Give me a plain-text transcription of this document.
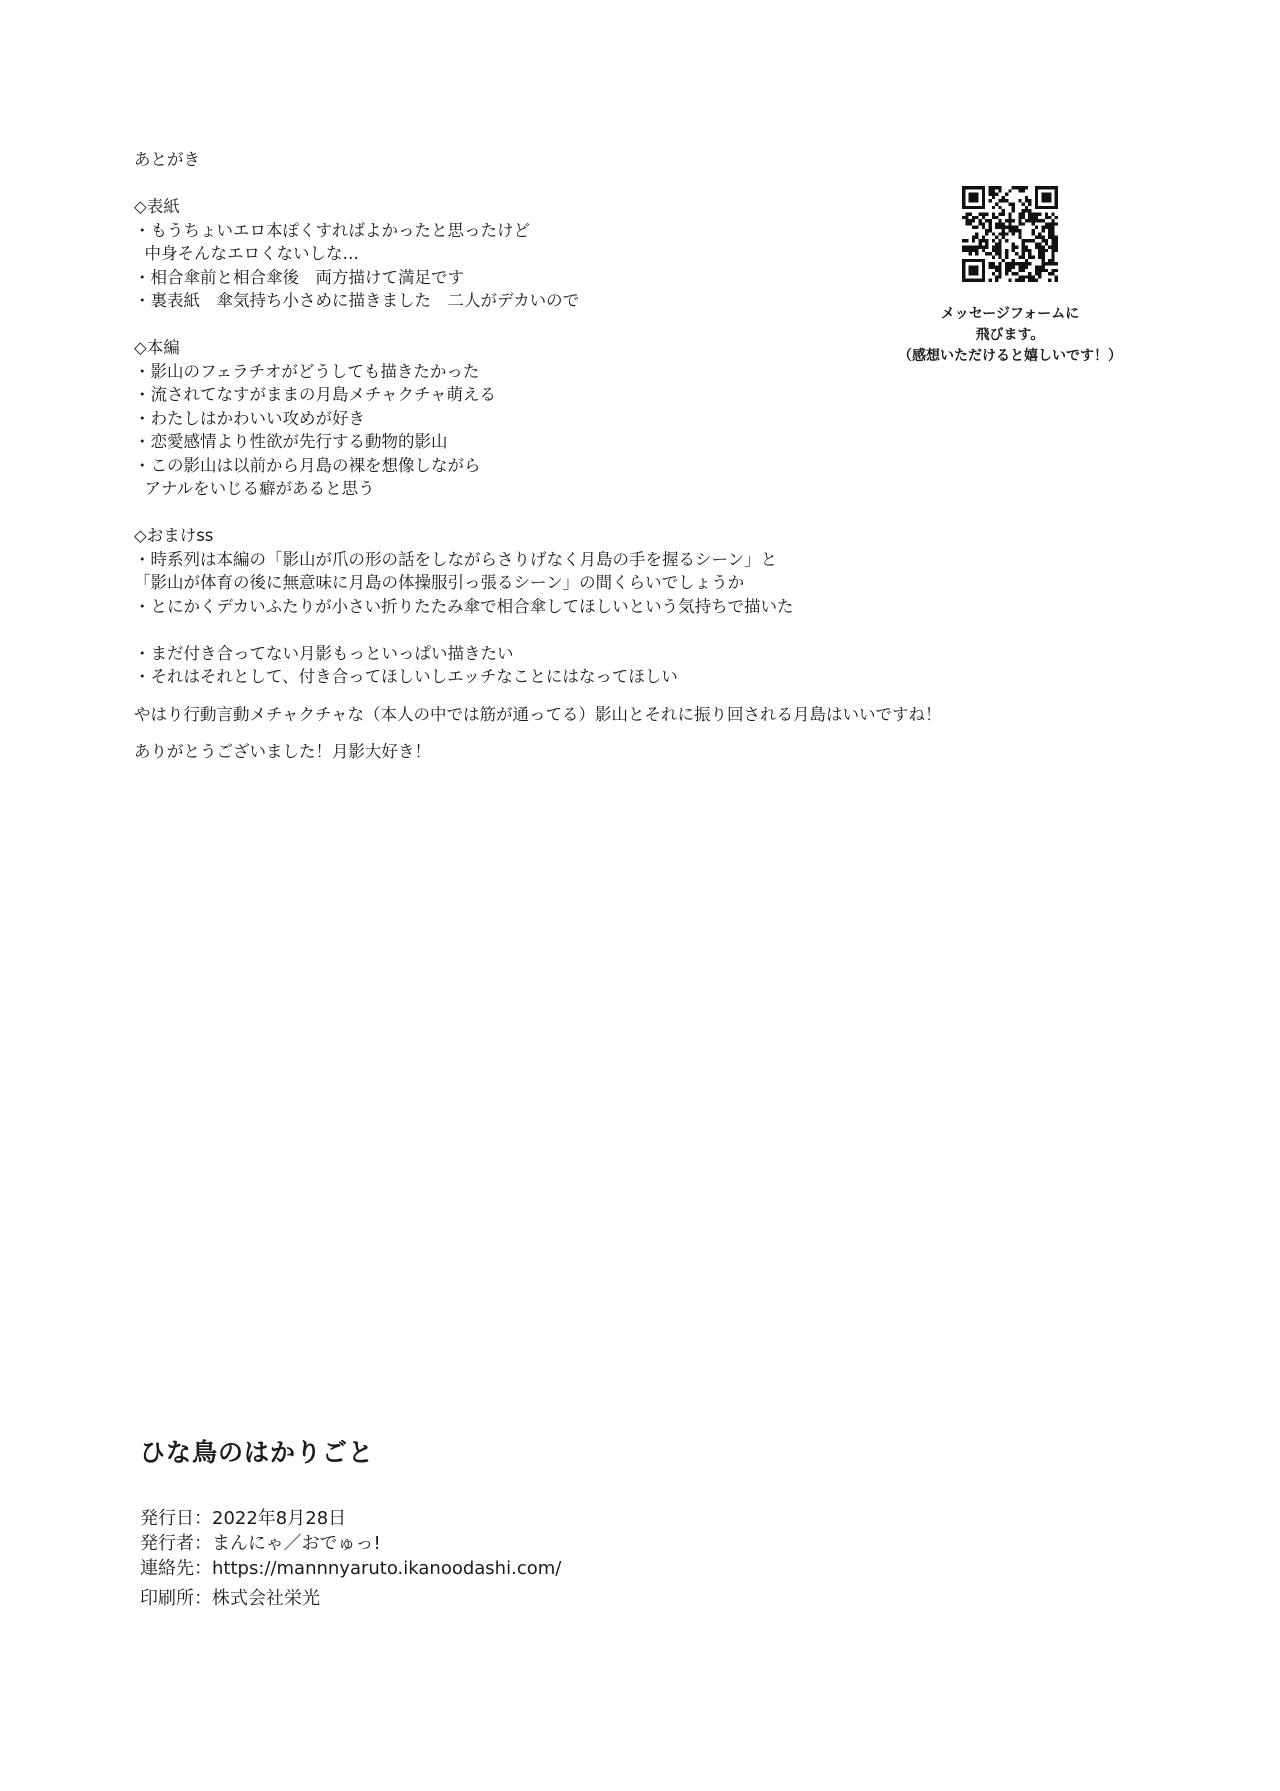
あとがき
◇表紙
・もうちょいエロ本ぽくすればよかったと思ったけど
中身そんなエロくないしな…
・相合傘前と相合傘後　両方描けて満足です
・裏表紙　傘気持ち小さめに描きました　二人がデカいので
◇本編
・影山のフェラチオがどうしても描きたかった
・流されてなすがままの月島メチャクチャ萌える
・わたしはかわいい攻めが好き
・恋愛感情より性欲が先行する動物的影山
・この影山は以前から月島の裸を想像しながら
アナルをいじる癖があると思う
◇おまけss
・時系列は本編の「影山が爪の形の話をしながらさりげなく月島の手を握るシーン」と
「影山が体育の後に無意味に月島の体操服引っ張るシーン」の間くらいでしょうか
・とにかくデカいふたりが小さい折りたたみ傘で相合傘してほしいという気持ちで描いた
・まだ付き合ってない月影もっといっぱい描きたい
・それはそれとして、付き合ってほしいしエッチなことにはなってほしい
やはり行動言動メチャクチャな（本人の中では筋が通ってる）影山とそれに振り回される月島はいいですね！
ありがとうございました！月影大好き！
メッセージフォームに
飛びます。
（感想いただけると嬉しいです！）
ひな鳥のはかりごと
発行日：2022年8月28日
発行者：まんにゃ／おでゅっ!
連絡先：https://mannnyaruto.ikanoodashi.com/
印刷所：株式会社栄光
